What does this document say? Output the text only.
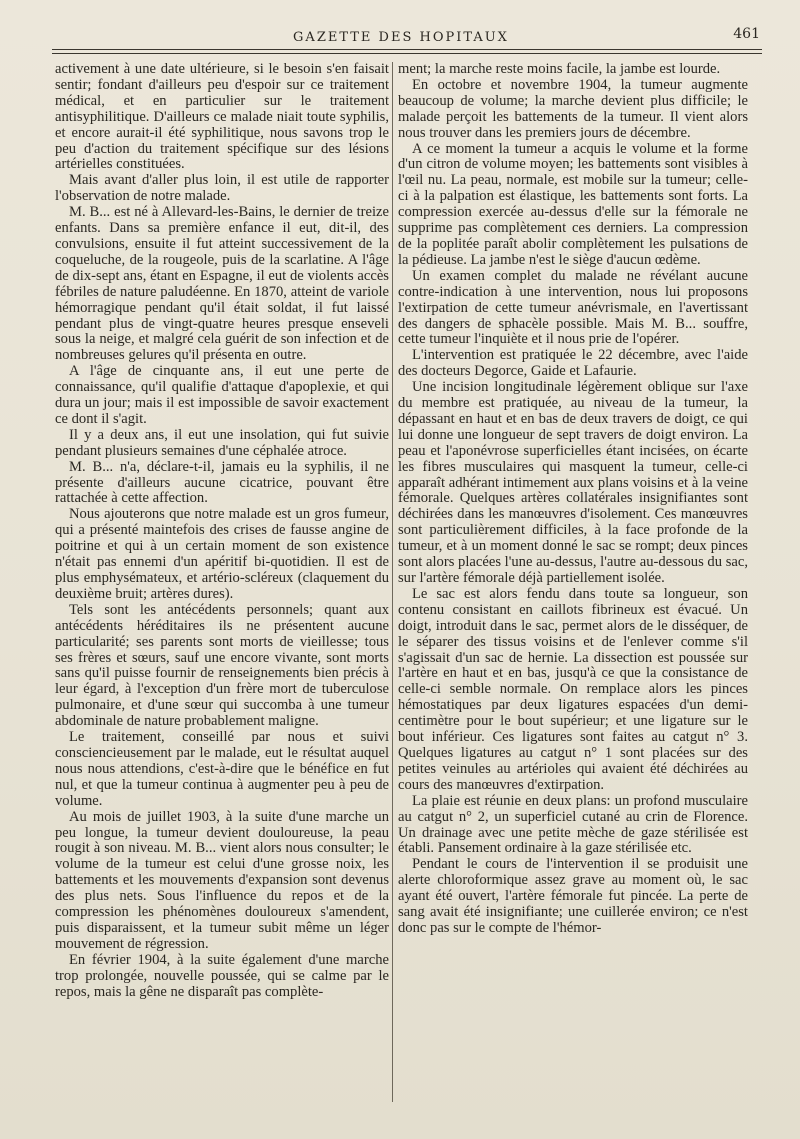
GAZETTE DES HOPITAUX	461

activement à une date ultérieure, si le besoin s'en faisait sentir; fondant d'ailleurs peu d'espoir sur ce traitement médical, et en particulier sur le traitement antisyphilitique. D'ailleurs ce malade niait toute syphilis, et encore aurait-il été syphilitique, nous savons trop le peu d'action du traitement spécifique sur des lésions artérielles constituées.

Mais avant d'aller plus loin, il est utile de rapporter l'observation de notre malade.

M. B... est né à Allevard-les-Bains, le dernier de treize enfants. Dans sa première enfance il eut, dit-il, des convulsions, ensuite il fut atteint successivement de la coqueluche, de la rougeole, puis de la scarlatine. A l'âge de dix-sept ans, étant en Espagne, il eut de violents accès fébriles de nature paludéenne. En 1870, atteint de variole hémorragique pendant qu'il était soldat, il fut laissé pendant plus de vingt-quatre heures presque enseveli sous la neige, et malgré cela guérit de son infection et de nombreuses gelures qu'il présenta en outre.

A l'âge de cinquante ans, il eut une perte de connaissance, qu'il qualifie d'attaque d'apoplexie, et qui dura un jour; mais il est impossible de savoir exactement ce dont il s'agit.

Il y a deux ans, il eut une insolation, qui fut suivie pendant plusieurs semaines d'une céphalée atroce.

M. B... n'a, déclare-t-il, jamais eu la syphilis, il ne présente d'ailleurs aucune cicatrice, pouvant être rattachée à cette affection.

Nous ajouterons que notre malade est un gros fumeur, qui a présenté maintefois des crises de fausse angine de poitrine et qui à un certain moment de son existence n'était pas ennemi d'un apéritif bi-quotidien. Il est de plus emphysémateux, et artério-scléreux (claquement du deuxième bruit; artères dures).

Tels sont les antécédents personnels; quant aux antécédents héréditaires ils ne présentent aucune particularité; ses parents sont morts de vieillesse; tous ses frères et sœurs, sauf une encore vivante, sont morts sans qu'il puisse fournir de renseignements bien précis à leur égard, à l'exception d'un frère mort de tuberculose pulmonaire, et d'une sœur qui succomba à une tumeur abdominale de nature probablement maligne.

Le traitement, conseillé par nous et suivi consciencieusement par le malade, eut le résultat auquel nous nous attendions, c'est-à-dire que le bénéfice en fut nul, et que la tumeur continua à augmenter peu à peu de volume.

Au mois de juillet 1903, à la suite d'une marche un peu longue, la tumeur devient douloureuse, la peau rougit à son niveau. M. B... vient alors nous consulter; le volume de la tumeur est celui d'une grosse noix, les battements et les mouvements d'expansion sont devenus des plus nets. Sous l'influence du repos et de la compression les phénomènes douloureux s'amendent, puis disparaissent, et la tumeur subit même un léger mouvement de régression.

En février 1904, à la suite également d'une marche trop prolongée, nouvelle poussée, qui se calme par le repos, mais la gêne ne disparaît pas complète-

ment; la marche reste moins facile, la jambe est lourde.

En octobre et novembre 1904, la tumeur augmente beaucoup de volume; la marche devient plus difficile; le malade perçoit les battements de la tumeur. Il vient alors nous trouver dans les premiers jours de décembre.

A ce moment la tumeur a acquis le volume et la forme d'un citron de volume moyen; les battements sont visibles à l'œil nu. La peau, normale, est mobile sur la tumeur; celle-ci à la palpation est élastique, les battements sont forts. La compression exercée au-dessus d'elle sur la fémorale ne supprime pas complètement ces derniers. La compression de la poplitée paraît abolir complètement les pulsations de la pédieuse. La jambe n'est le siège d'aucun œdème.

Un examen complet du malade ne révélant aucune contre-indication à une intervention, nous lui proposons l'extirpation de cette tumeur anévrismale, en l'avertissant des dangers de sphacèle possible. Mais M. B... souffre, cette tumeur l'inquiète et il nous prie de l'opérer.

L'intervention est pratiquée le 22 décembre, avec l'aide des docteurs Degorce, Gaide et Lafaurie.

Une incision longitudinale légèrement oblique sur l'axe du membre est pratiquée, au niveau de la tumeur, la dépassant en haut et en bas de deux travers de doigt, ce qui lui donne une longueur de sept travers de doigt environ. La peau et l'aponévrose superficielles étant incisées, on écarte les fibres musculaires qui masquent la tumeur, celle-ci apparaît adhérant intimement aux plans voisins et à la veine fémorale. Quelques artères collatérales insignifiantes sont déchirées dans les manœuvres d'isolement. Ces manœuvres sont particulièrement difficiles, à la face profonde de la tumeur, et à un moment donné le sac se rompt; deux pinces sont alors placées l'une au-dessus, l'autre au-dessous du sac, sur l'artère fémorale déjà partiellement isolée.

Le sac est alors fendu dans toute sa longueur, son contenu consistant en caillots fibrineux est évacué. Un doigt, introduit dans le sac, permet alors de le disséquer, de le séparer des tissus voisins et de l'enlever comme s'il s'agissait d'un sac de hernie. La dissection est poussée sur l'artère en haut et en bas, jusqu'à ce que la consistance de celle-ci semble normale. On remplace alors les pinces hémostatiques par deux ligatures espacées d'un demi-centimètre pour le bout supérieur; et une ligature sur le bout inférieur. Ces ligatures sont faites au catgut n° 3. Quelques ligatures au catgut n° 1 sont placées sur des petites veinules au artérioles qui avaient été déchirées au cours des manœuvres d'extirpation.

La plaie est réunie en deux plans: un profond musculaire au catgut n° 2, un superficiel cutané au crin de Florence. Un drainage avec une petite mèche de gaze stérilisée est établi. Pansement ordinaire à la gaze stérilisée etc.

Pendant le cours de l'intervention il se produisit une alerte chloroformique assez grave au moment où, le sac ayant été ouvert, l'artère fémorale fut pincée. La perte de sang avait été insignifiante; une cuillerée environ; ce n'est donc pas sur le compte de l'hémor-
